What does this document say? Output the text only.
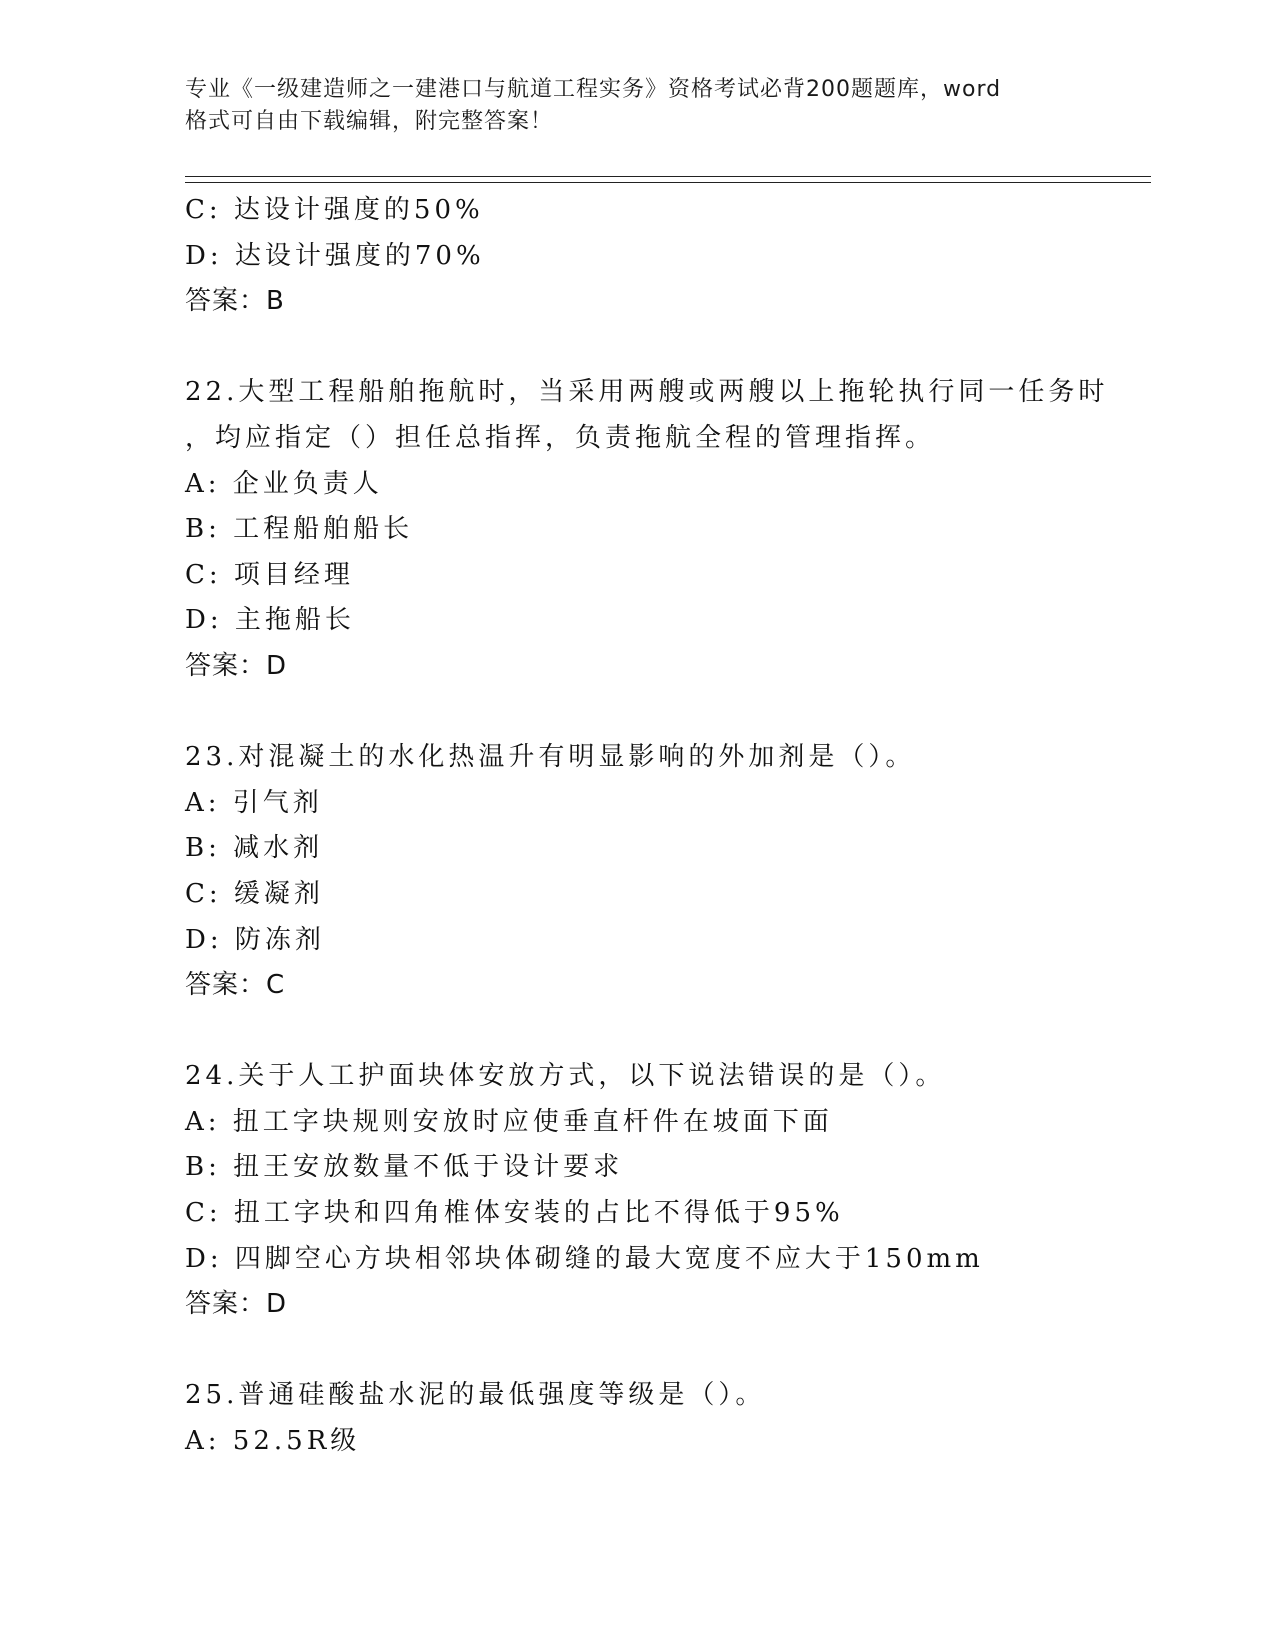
专业《一级建造师之一建港口与航道工程实务》资格考试必背200题题库，word
格式可自由下载编辑，附完整答案！
C: 达设计强度的50%
D: 达设计强度的70%
答案：B
22.大型工程船舶拖航时，当采用两艘或两艘以上拖轮执行同一任务时
，均应指定（）担任总指挥，负责拖航全程的管理指挥。
A: 企业负责人
B: 工程船舶船长
C: 项目经理
D: 主拖船长
答案：D
23.对混凝土的水化热温升有明显影响的外加剂是（）。
A: 引气剂
B: 减水剂
C: 缓凝剂
D: 防冻剂
答案：C
24.关于人工护面块体安放方式，以下说法错误的是（）。
A: 扭工字块规则安放时应使垂直杆件在坡面下面
B: 扭王安放数量不低于设计要求
C: 扭工字块和四角椎体安装的占比不得低于95%
D: 四脚空心方块相邻块体砌缝的最大宽度不应大于150mm
答案：D
25.普通硅酸盐水泥的最低强度等级是（）。
A: 52.5R级
